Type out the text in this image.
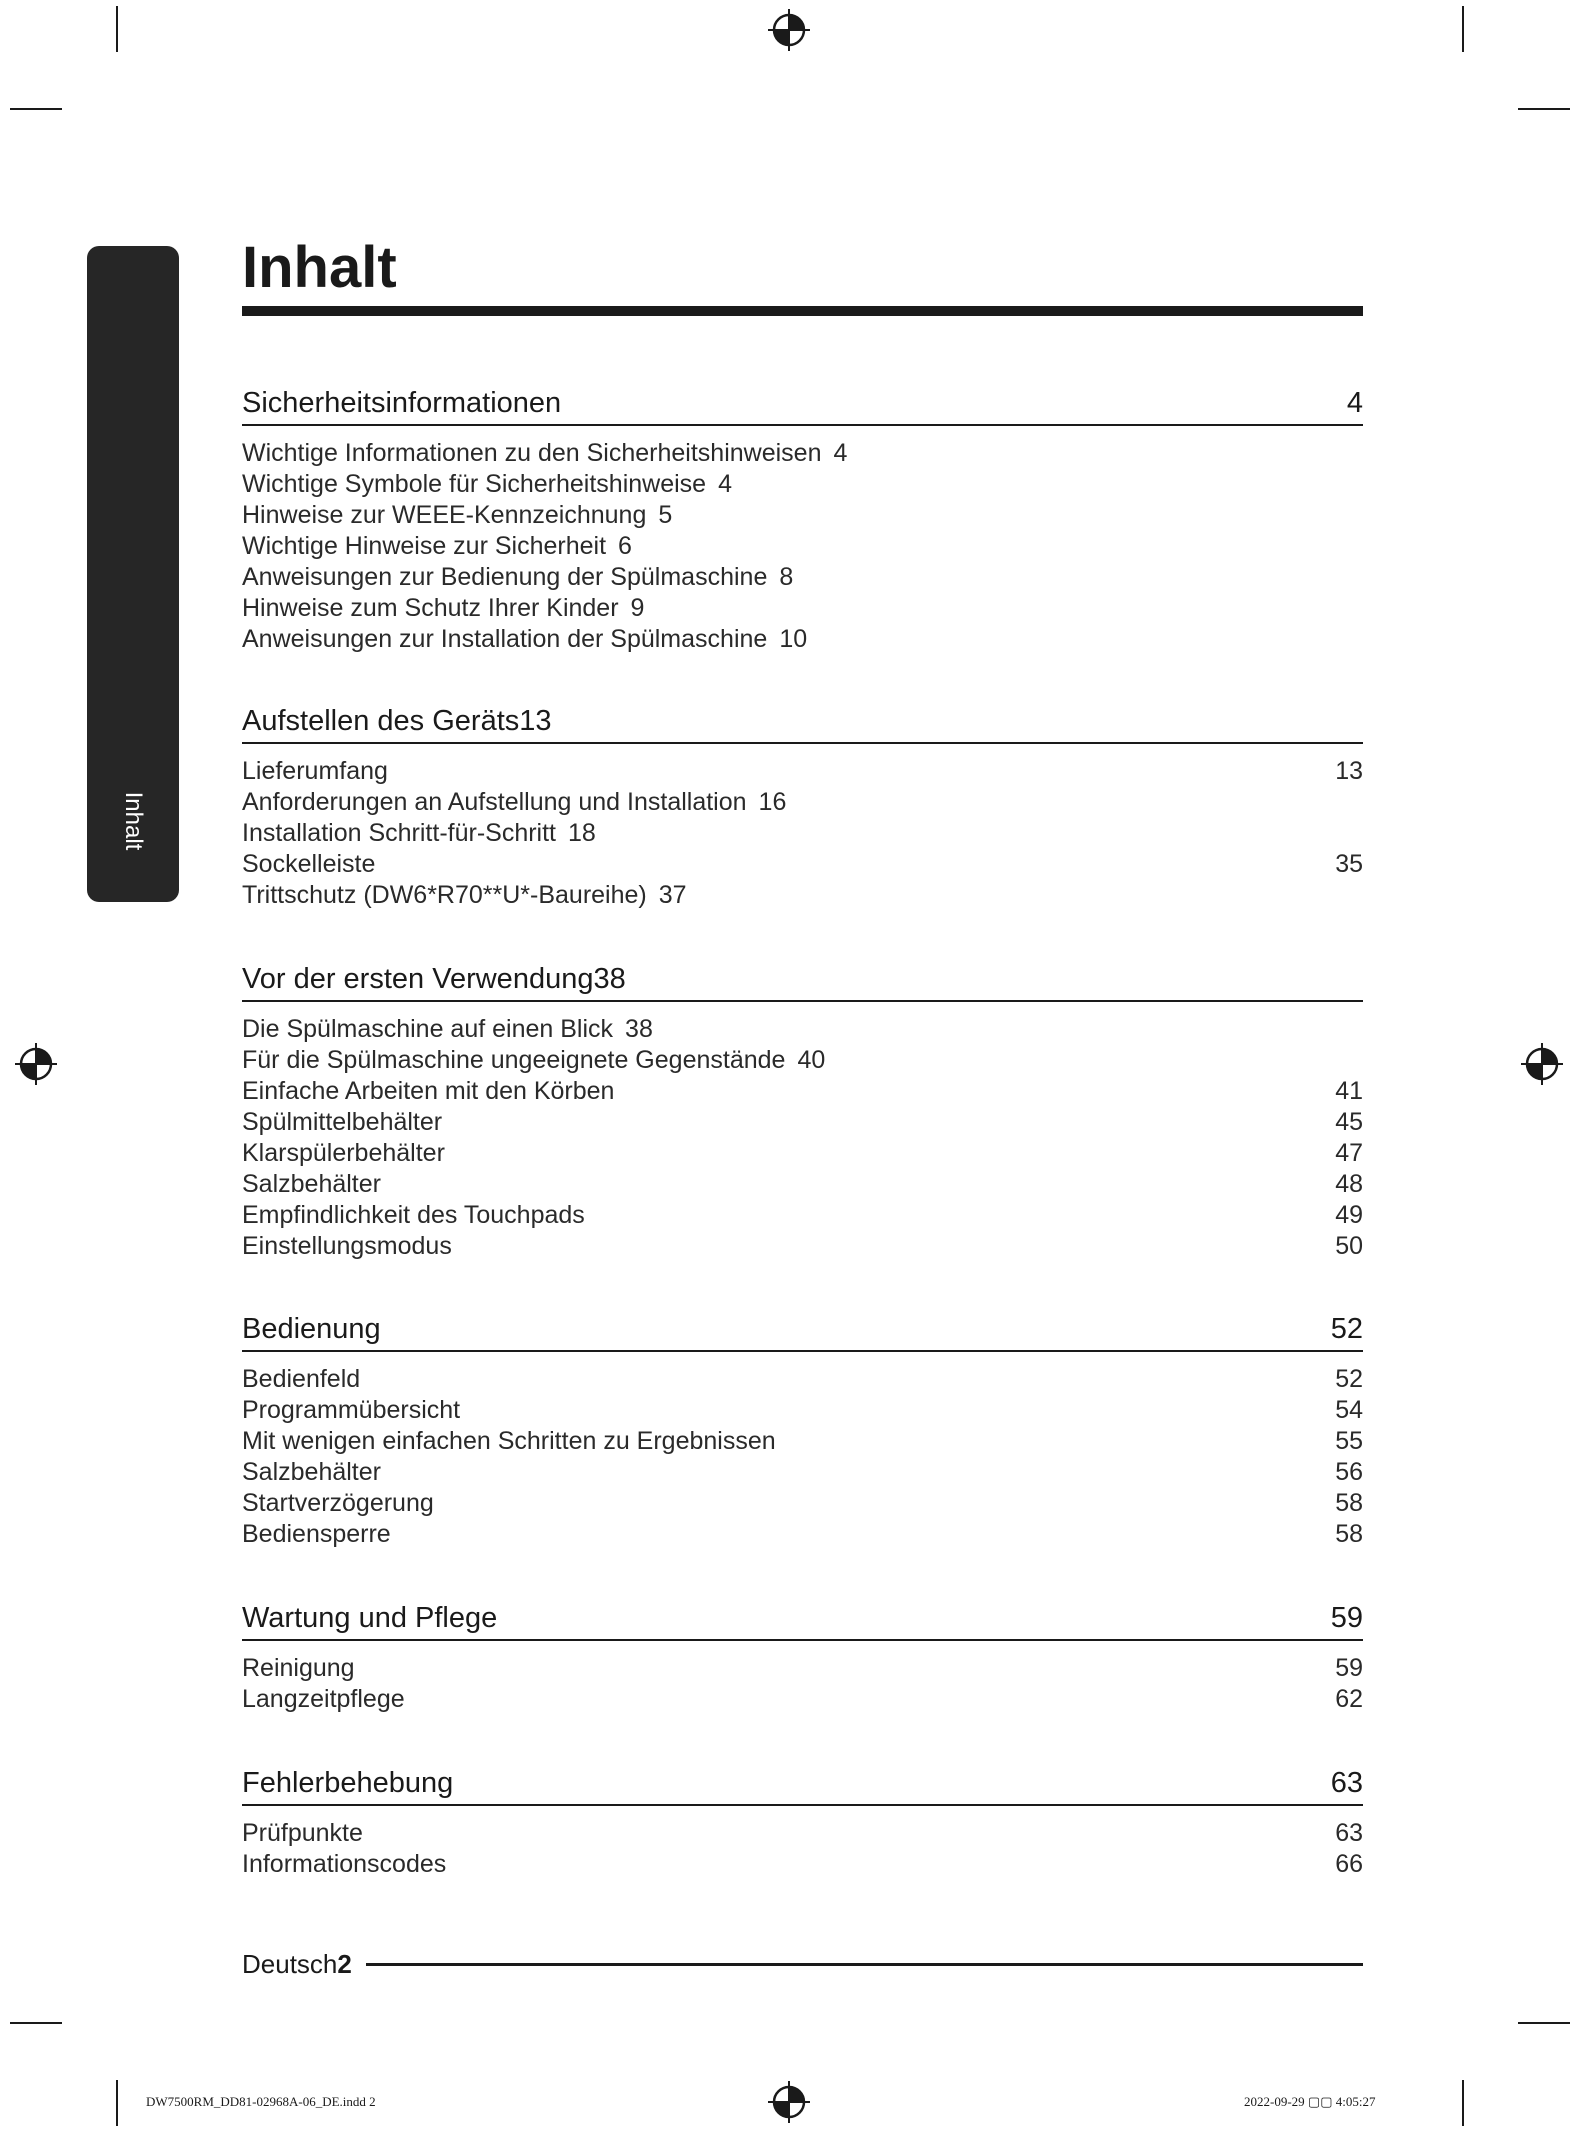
Inhalt
Inhalt
Sicherheitsinformationen	4
Wichtige Informationen zu den Sicherheitshinweisen 4
Wichtige Symbole für Sicherheitshinweise 4
Hinweise zur WEEE-Kennzeichnung 5
Wichtige Hinweise zur Sicherheit 6
Anweisungen zur Bedienung der Spülmaschine 8
Hinweise zum Schutz Ihrer Kinder 9
Anweisungen zur Installation der Spülmaschine 10
Aufstellen des Geräts13
Lieferumfang	13
Anforderungen an Aufstellung und Installation 16
Installation Schritt-für-Schritt 18
Sockelleiste	35
Trittschutz (DW6*R70**U*-Baureihe) 37
Vor der ersten Verwendung38
Die Spülmaschine auf einen Blick 38
Für die Spülmaschine ungeeignete Gegenstände 40
Einfache Arbeiten mit den Körben	41
Spülmittelbehälter	45
Klarspülerbehälter	47
Salzbehälter	48
Empfindlichkeit des Touchpads	49
Einstellungsmodus	50
Bedienung	52
Bedienfeld	52
Programmübersicht	54
Mit wenigen einfachen Schritten zu Ergebnissen	55
Salzbehälter	56
Startverzögerung	58
Bediensperre	58
Wartung und Pflege	59
Reinigung	59
Langzeitpflege	62
Fehlerbehebung	63
Prüfpunkte	63
Informationscodes	66
Deutsch2
DW7500RM_DD81-02968A-06_DE.indd 2	2022-09-29 ▢▢ 4:05:27
